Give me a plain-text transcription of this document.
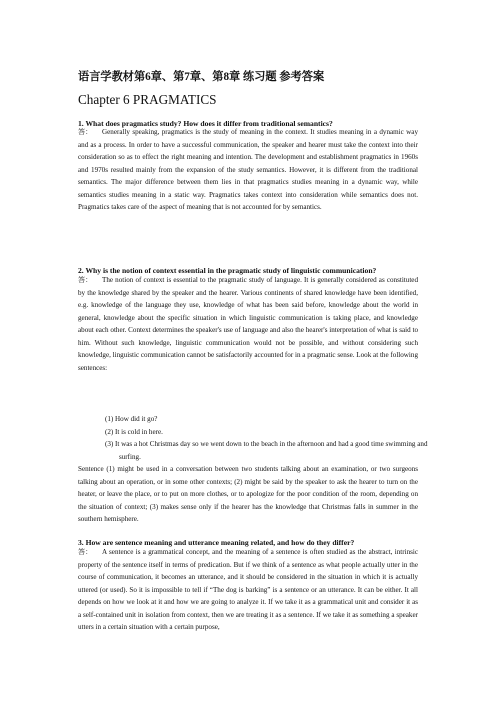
语言学教材第6章、第7章、第8章 练习题 参考答案
Chapter 6 PRAGMATICS
1. What does pragmatics study? How does it differ from traditional semantics?

答： Generally speaking, pragmatics is the study of meaning in the context. It studies meaning in a dynamic way and as a process. In order to have a successful communication, the speaker and hearer must take the context into their consideration so as to effect the right meaning and intention. The development and establishment pragmatics in 1960s and 1970s resulted mainly from the expansion of the study semantics. However, it is different from the traditional semantics. The major difference between them lies in that pragmatics studies meaning in a dynamic way, while semantics studies meaning in a static way. Pragmatics takes context into consideration while semantics does not. Pragmatics takes care of the aspect of meaning that is not accounted for by semantics.

2. Why is the notion of context essential in the pragmatic study of linguistic communication?

答： The notion of context is essential to the pragmatic study of language. It is generally considered as constituted by the knowledge shared by the speaker and the hearer. Various continents of shared knowledge have been identified, e.g. knowledge of the language they use, knowledge of what has been said before, knowledge about the world in general, knowledge about the specific situation in which linguistic communication is taking place, and knowledge about each other. Context determines the speaker's use of language and also the hearer's interpretation of what is said to him. Without such knowledge, linguistic communication would not be possible, and without considering such knowledge, linguistic communication cannot be satisfactorily accounted for in a pragmatic sense. Look at the following sentences:

(1) How did it go?

(2) It is cold in here.

(3) It was a hot Christmas day so we went down to the beach in the afternoon and had a good time swimming and surfing.

Sentence (1) might be used in a conversation between two students talking about an examination, or two surgeons talking about an operation, or in some other contexts; (2) might be said by the speaker to ask the hearer to turn on the heater, or leave the place, or to put on more clothes, or to apologize for the poor condition of the room, depending on the situation of context; (3) makes sense only if the hearer has the knowledge that Christmas falls in summer in the southern hemisphere.

3. How are sentence meaning and utterance meaning related, and how do they differ?

答： A sentence is a grammatical concept, and the meaning of a sentence is often studied as the abstract, intrinsic property of the sentence itself in terms of predication. But if we think of a sentence as what people actually utter in the course of communication, it becomes an utterance, and it should be considered in the situation in which it is actually uttered (or used). So it is impossible to tell if “The dog is barking” is a sentence or an utterance. It can be either. It all depends on how we look at it and how we are going to analyze it. If we take it as a grammatical unit and consider it as a self-contained unit in isolation from context, then we are treating it as a sentence. If we take it as something a speaker utters in a certain situation with a certain purpose,
